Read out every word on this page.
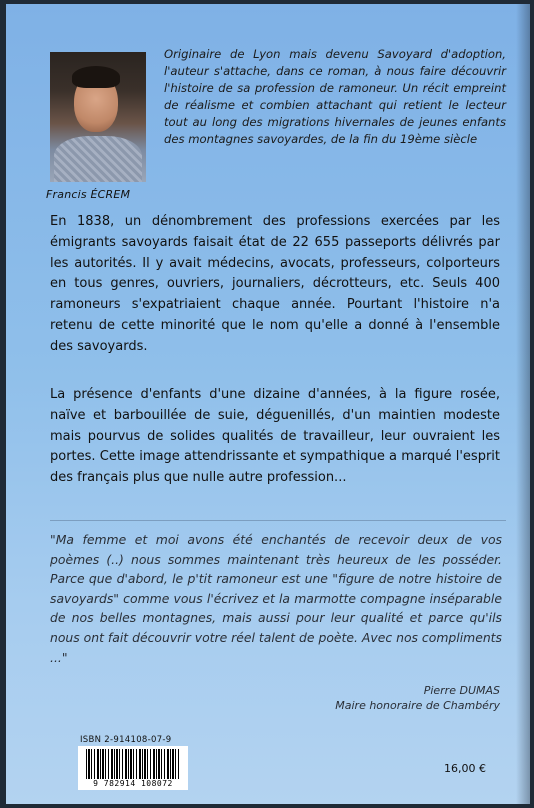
Francis ÉCREM
Originaire de Lyon mais devenu Savoyard d'adoption, l'auteur s'attache, dans ce roman, à nous faire découvrir l'histoire de sa profession de ramoneur. Un récit empreint de réalisme et combien attachant qui retient le lecteur tout au long des migrations hivernales de jeunes enfants des montagnes savoyardes, de la fin du 19ème siècle
En 1838, un dénombrement des professions exercées par les émigrants savoyards faisait état de 22 655 passeports délivrés par les autorités. Il y avait médecins, avocats, professeurs, colporteurs en tous genres, ouvriers, journaliers, décrotteurs, etc. Seuls 400 ramoneurs s'expatriaient chaque année. Pourtant l'histoire n'a retenu de cette minorité que le nom qu'elle a donné à l'ensemble des savoyards.
La présence d'enfants d'une dizaine d'années, à la figure rosée, naïve et barbouillée de suie, déguenillés, d'un maintien modeste mais pourvus de solides qualités de travailleur, leur ouvraient les portes. Cette image attendrissante et sympathique a marqué l'esprit des français plus que nulle autre profession...
"Ma femme et moi avons été enchantés de recevoir deux de vos poèmes (..) nous sommes maintenant très heureux de les posséder. Parce que d'abord, le p'tit ramoneur est une "figure de notre histoire de savoyards" comme vous l'écrivez et la marmotte compagne inséparable de nos belles montagnes, mais aussi pour leur qualité et parce qu'ils nous ont fait découvrir votre réel talent de poète. Avec nos compliments ..."
Pierre DUMAS
Maire honoraire de Chambéry
ISBN 2-914108-07-9
9 782914 108072
16,00 €
